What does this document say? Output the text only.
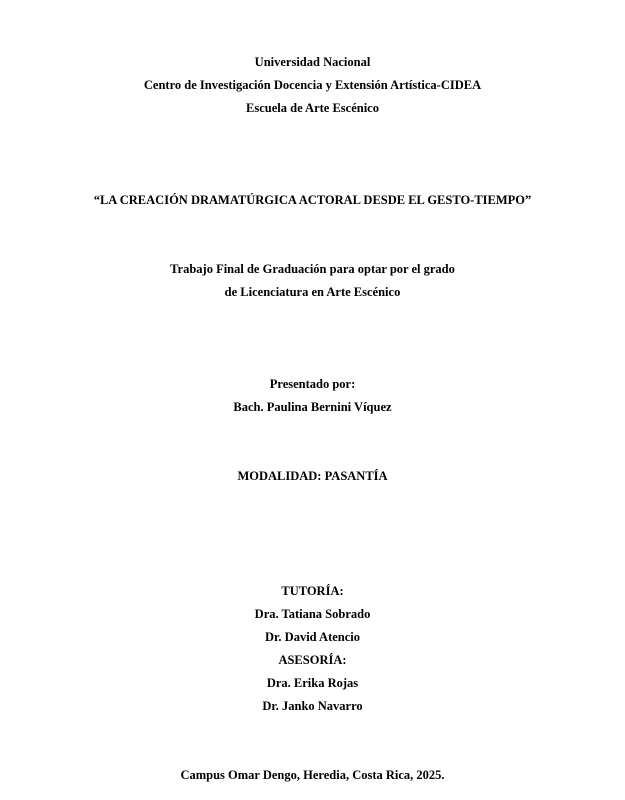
Universidad Nacional
Centro de Investigación Docencia y Extensión Artística-CIDEA
Escuela de Arte Escénico
“LA CREACIÓN DRAMATÚRGICA ACTORAL DESDE EL GESTO-TIEMPO”
Trabajo Final de Graduación para optar por el grado
de Licenciatura en Arte Escénico
Presentado por:
Bach. Paulina Bernini Víquez
MODALIDAD: PASANTÍA
TUTORÍA:
Dra. Tatiana Sobrado
Dr. David Atencio
ASESORÍA:
Dra. Erika Rojas
Dr. Janko Navarro
Campus Omar Dengo, Heredia, Costa Rica, 2025.
